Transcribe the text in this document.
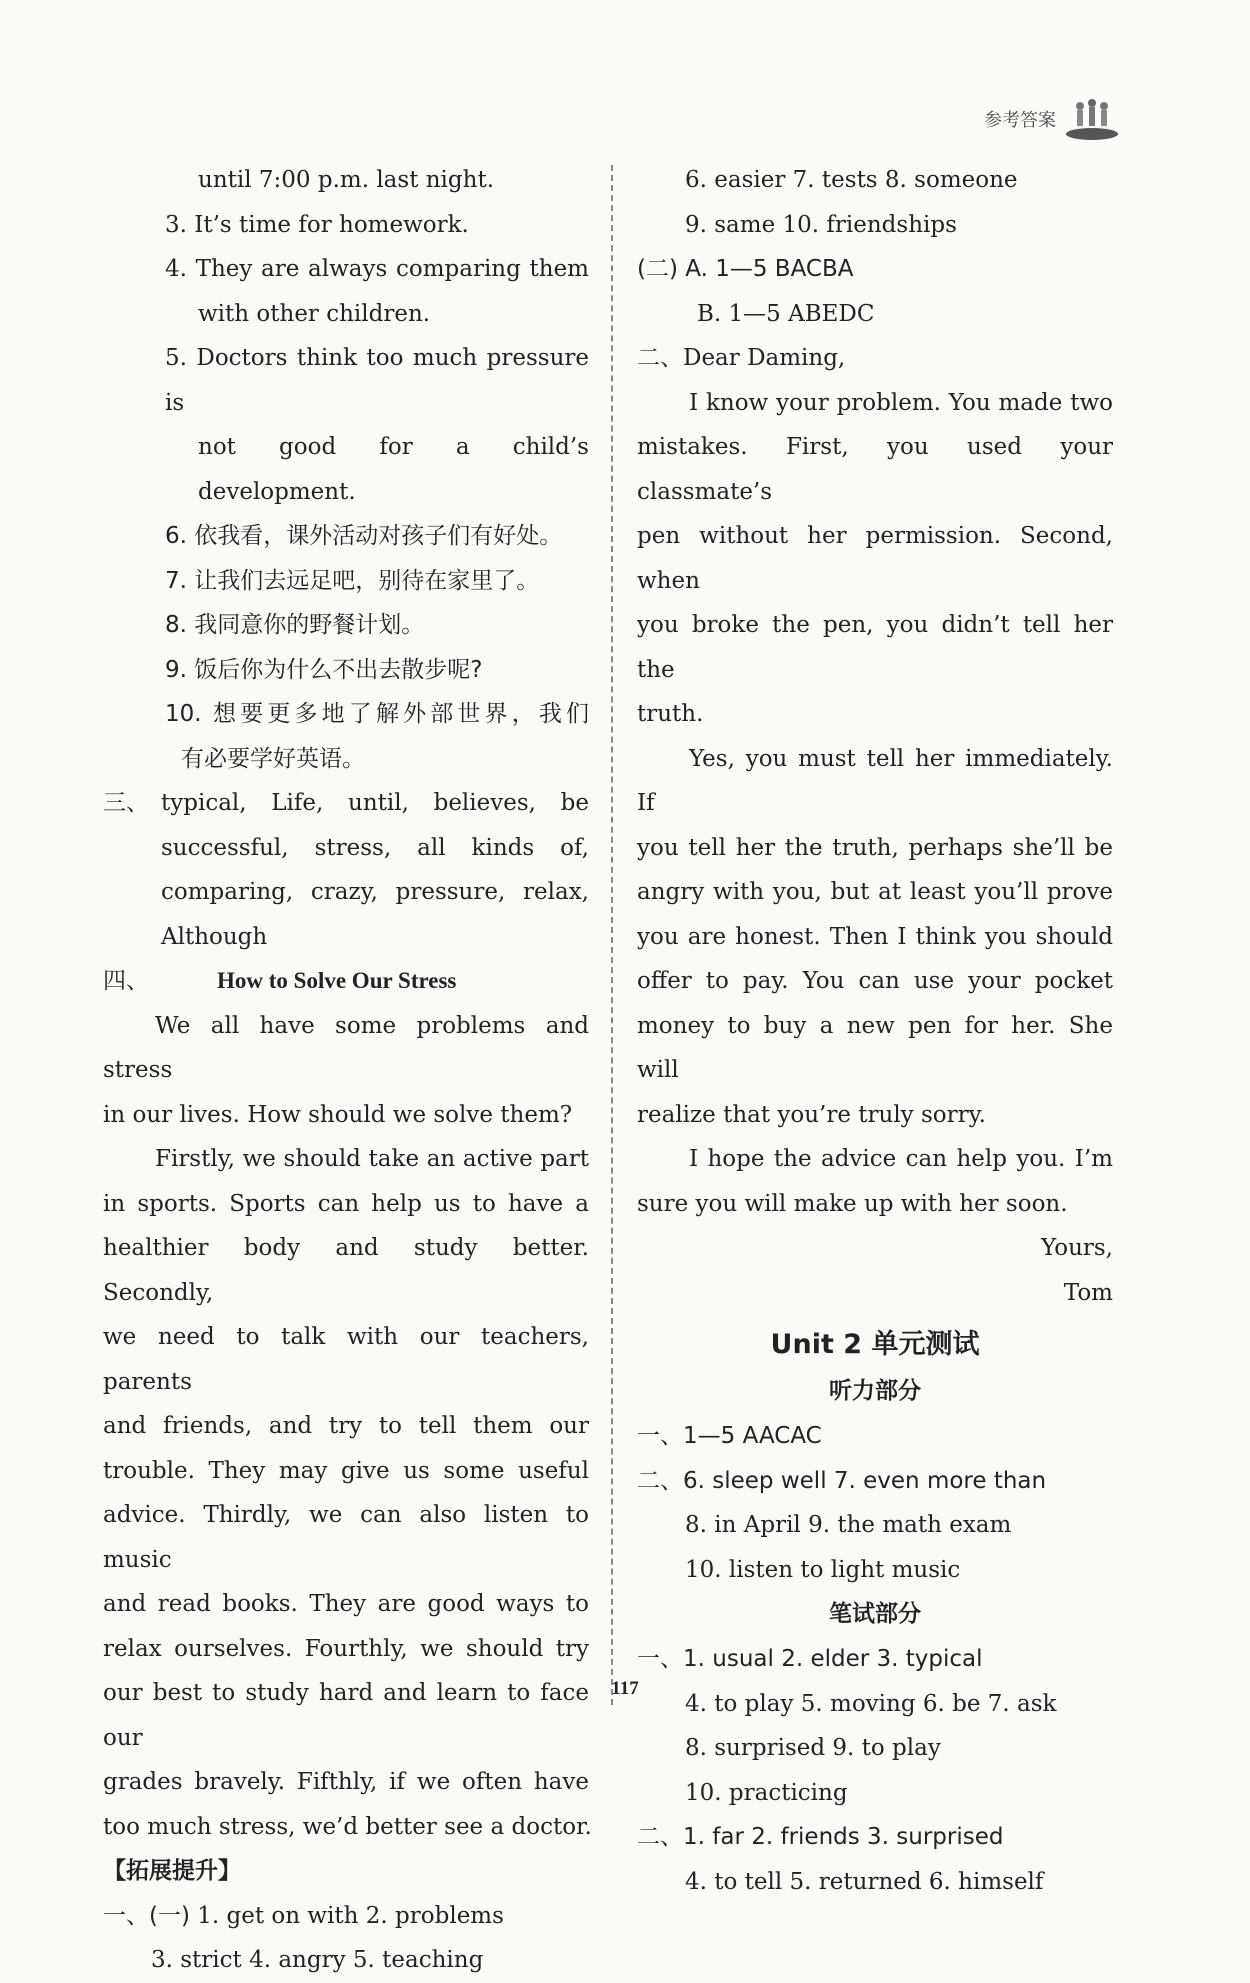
参考答案
until 7:00 p.m. last night.
3. It’s time for homework.
4. They are always comparing them
with other children.
5. Doctors think too much pressure is
not good for a child’s development.
6. 依我看，课外活动对孩子们有好处。
7. 让我们去远足吧，别待在家里了。
8. 我同意你的野餐计划。
9. 饭后你为什么不出去散步呢?
10. 想要更多地了解外部世界，我们
有必要学好英语。
三、 typical, Life, until, believes, be
successful, stress, all kinds of,
comparing, crazy, pressure, relax,
Although
四、	How to Solve Our Stress
We all have some problems and stress
in our lives. How should we solve them?
Firstly, we should take an active part
in sports. Sports can help us to have a
healthier body and study better. Secondly,
we need to talk with our teachers, parents
and friends, and try to tell them our
trouble. They may give us some useful
advice. Thirdly, we can also listen to music
and read books. They are good ways to
relax ourselves. Fourthly, we should try
our best to study hard and learn to face our
grades bravely. Fifthly, if we often have
too much stress, we’d better see a doctor.
【拓展提升】
一、(一) 1. get on with 2. problems
3. strict 4. angry 5. teaching
6. easier 7. tests 8. someone
9. same 10. friendships
(二) A. 1—5 BACBA
B. 1—5 ABEDC
二、Dear Daming,
I know your problem. You made two
mistakes. First, you used your classmate’s
pen without her permission. Second, when
you broke the pen, you didn’t tell her the
truth.
Yes, you must tell her immediately. If
you tell her the truth, perhaps she’ll be
angry with you, but at least you’ll prove
you are honest. Then I think you should
offer to pay. You can use your pocket
money to buy a new pen for her. She will
realize that you’re truly sorry.
I hope the advice can help you. I’m
sure you will make up with her soon.
Yours,
Tom
Unit 2 单元测试
听力部分
一、1—5 AACAC
二、6. sleep well 7. even more than
8. in April 9. the math exam
10. listen to light music
笔试部分
一、1. usual 2. elder 3. typical
4. to play 5. moving 6. be 7. ask
8. surprised 9. to play
10. practicing
二、1. far 2. friends 3. surprised
4. to tell 5. returned 6. himself
117
